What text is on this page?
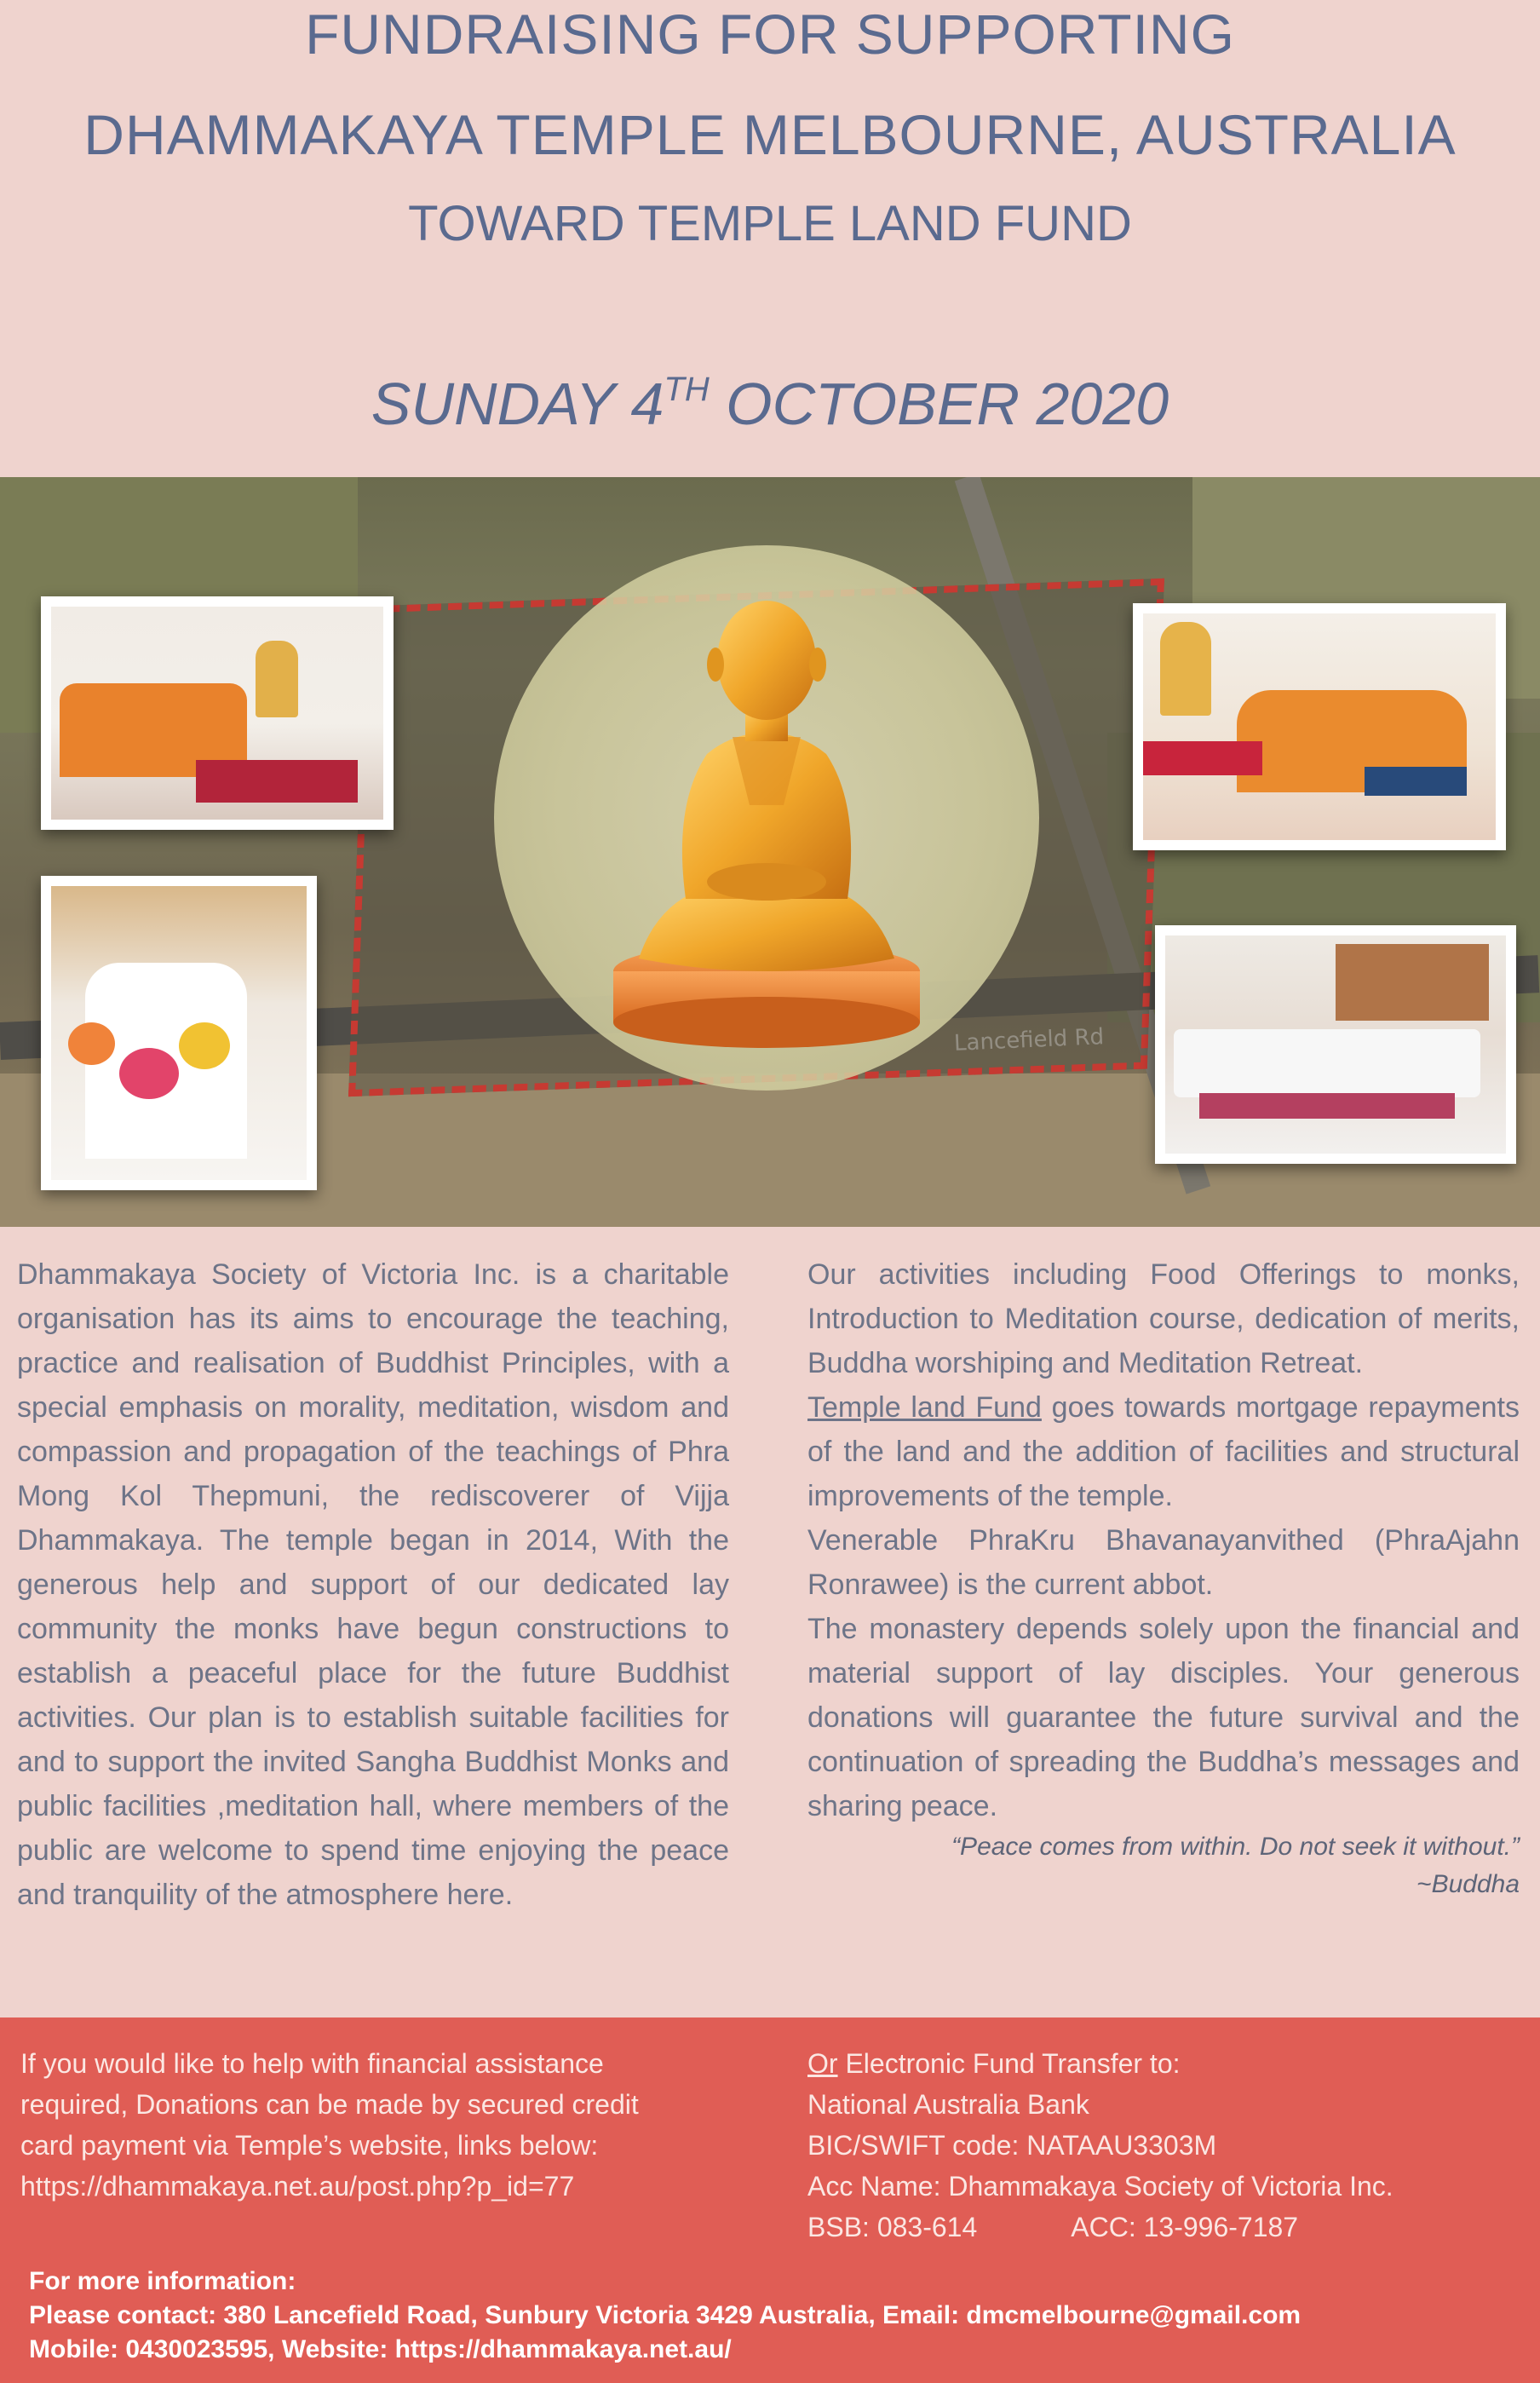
FUNDRAISING FOR SUPPORTING
DHAMMAKAYA TEMPLE MELBOURNE, AUSTRALIA
TOWARD TEMPLE LAND FUND
SUNDAY 4TH OCTOBER 2020

Dhammakaya Society of Victoria Inc. is a charitable organisation has its aims to encourage the teaching, practice and realisation of Buddhist Principles, with a special emphasis on morality, meditation, wisdom and compassion and propagation of the teachings of Phra Mong Kol Thepmuni, the rediscoverer of Vijja Dhammakaya. The temple began in 2014, With the generous help and support of our dedicated lay community the monks have begun constructions to establish a peaceful place for the future Buddhist activities. Our plan is to establish suitable facilities for and to support the invited Sangha Buddhist Monks and public facilities ,meditation hall, where members of the public are welcome to spend time enjoying the peace and tranquility of the atmosphere here.

Our activities including Food Offerings to monks, Introduction to Meditation course, dedication of merits, Buddha worshiping and Meditation Retreat.

Temple land Fund goes towards mortgage repayments of the land and the addition of facilities and structural improvements of the temple.

Venerable PhraKru Bhavanayanvithed (PhraAjahn Ronrawee) is the current abbot.

The monastery depends solely upon the financial and material support of lay disciples. Your generous donations will guarantee the future survival and the continuation of spreading the Buddha’s messages and sharing peace.

“Peace comes from within. Do not seek it without.”

~Buddha

If you would like to help with financial assistance

required, Donations can be made by secured credit

card payment via Temple’s website, links below:

https://dhammakaya.net.au/post.php?p_id=77

Or Electronic Fund Transfer to:

National Australia Bank

BIC/SWIFT code: NATAAU3303M

Acc Name: Dhammakaya Society of Victoria Inc.

BSB: 083-614	ACC: 13-996-7187

For more information:

Please contact: 380 Lancefield Road, Sunbury Victoria 3429 Australia, Email: dmcmelbourne@gmail.com

Mobile: 0430023595, Website: https://dhammakaya.net.au/
